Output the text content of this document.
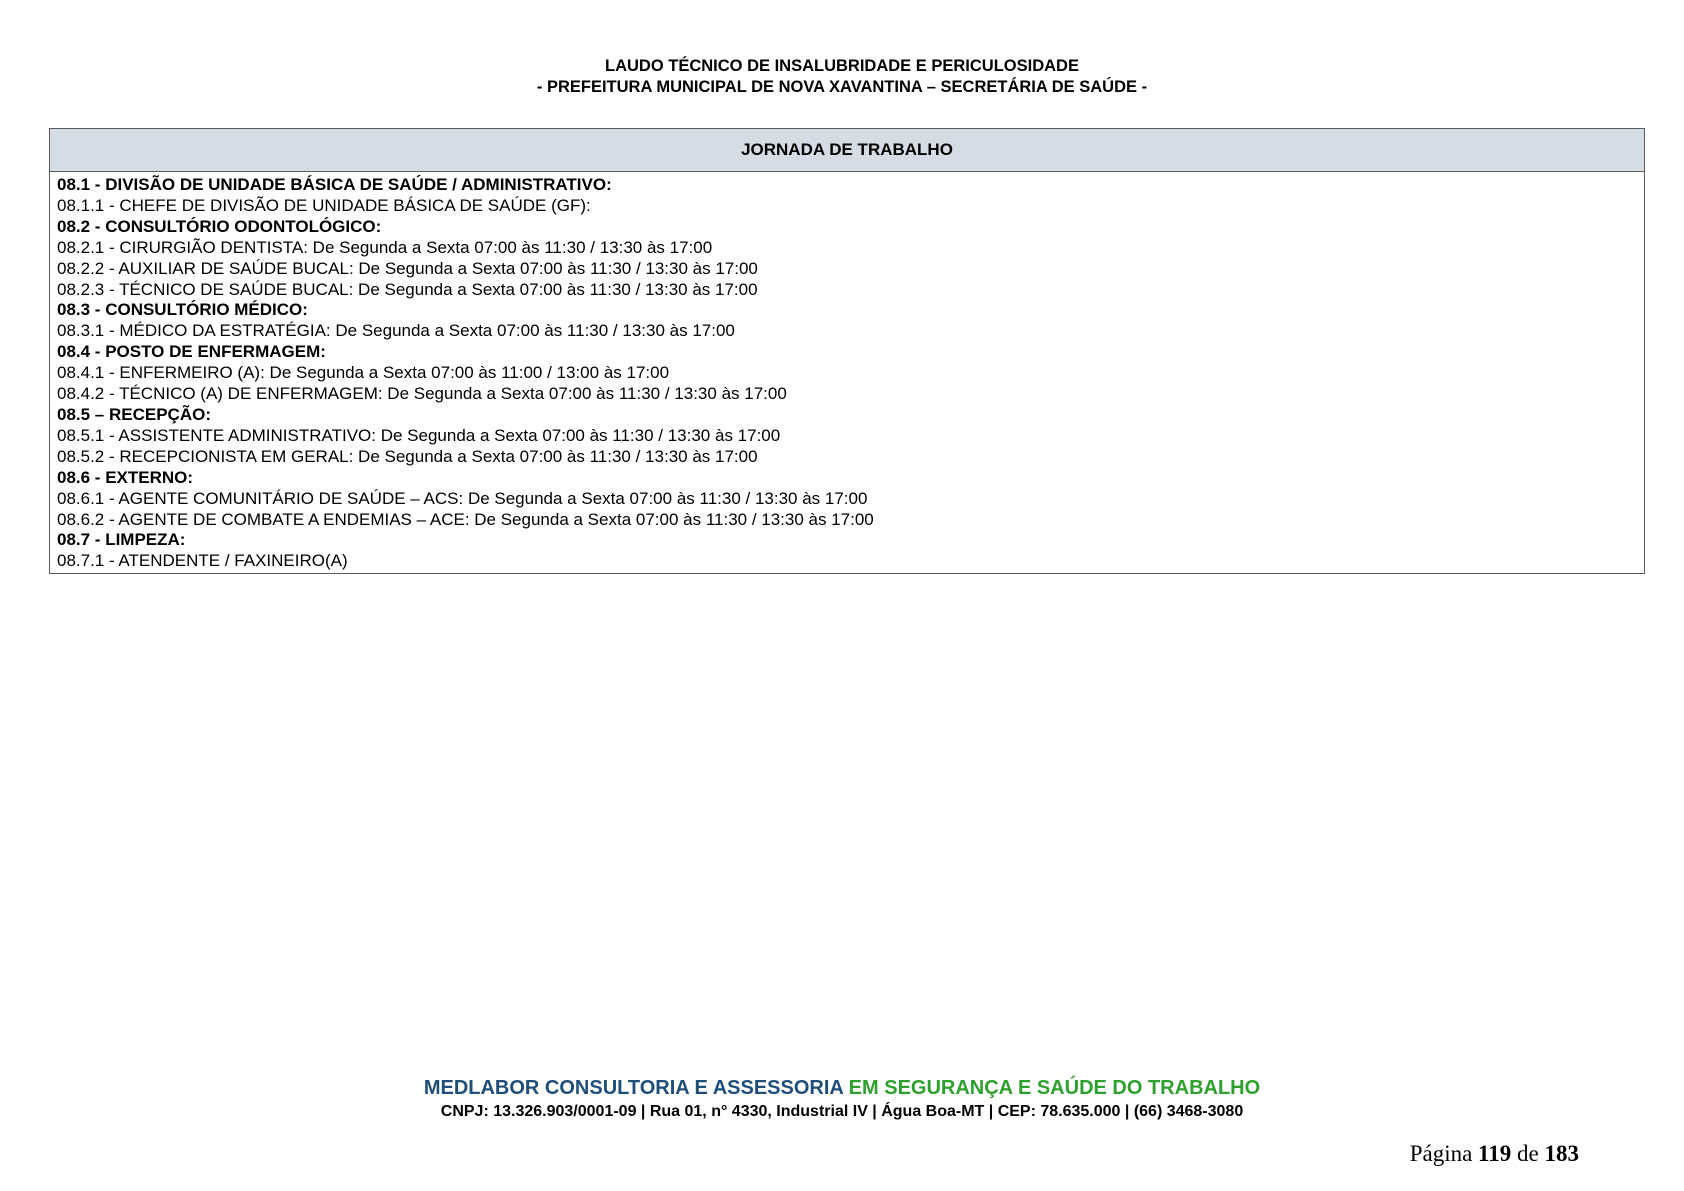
LAUDO TÉCNICO DE INSALUBRIDADE E PERICULOSIDADE
- PREFEITURA MUNICIPAL DE NOVA XAVANTINA – SECRETÁRIA DE SAÚDE -
JORNADA DE TRABALHO
08.1 - DIVISÃO DE UNIDADE BÁSICA DE SAÚDE / ADMINISTRATIVO:
08.1.1 - CHEFE DE DIVISÃO DE UNIDADE BÁSICA DE SAÚDE (GF):
08.2 - CONSULTÓRIO ODONTOLÓGICO:
08.2.1 - CIRURGIÃO DENTISTA: De Segunda a Sexta 07:00 às 11:30 / 13:30 às 17:00
08.2.2 - AUXILIAR DE SAÚDE BUCAL: De Segunda a Sexta 07:00 às 11:30 / 13:30 às 17:00
08.2.3 - TÉCNICO DE SAÚDE BUCAL: De Segunda a Sexta 07:00 às 11:30 / 13:30 às 17:00
08.3 - CONSULTÓRIO MÉDICO:
08.3.1 - MÉDICO DA ESTRATÉGIA: De Segunda a Sexta 07:00 às 11:30 / 13:30 às 17:00
08.4 - POSTO DE ENFERMAGEM:
08.4.1 - ENFERMEIRO (A): De Segunda a Sexta 07:00 às 11:00 / 13:00 às 17:00
08.4.2 - TÉCNICO (A) DE ENFERMAGEM: De Segunda a Sexta 07:00 às 11:30 / 13:30 às 17:00
08.5 – RECEPÇÃO:
08.5.1 - ASSISTENTE ADMINISTRATIVO: De Segunda a Sexta 07:00 às 11:30 / 13:30 às 17:00
08.5.2 - RECEPCIONISTA EM GERAL: De Segunda a Sexta 07:00 às 11:30 / 13:30 às 17:00
08.6 - EXTERNO:
08.6.1 - AGENTE COMUNITÁRIO DE SAÚDE – ACS: De Segunda a Sexta 07:00 às 11:30 / 13:30 às 17:00
08.6.2 - AGENTE DE COMBATE A ENDEMIAS – ACE: De Segunda a Sexta 07:00 às 11:30 / 13:30 às 17:00
08.7 - LIMPEZA:
08.7.1 - ATENDENTE / FAXINEIRO(A)
MEDLABOR CONSULTORIA E ASSESSORIA EM SEGURANÇA E SAÚDE DO TRABALHO
CNPJ: 13.326.903/0001-09 | Rua 01, n° 4330, Industrial IV | Água Boa-MT | CEP: 78.635.000 | (66) 3468-3080
Página 119 de 183
